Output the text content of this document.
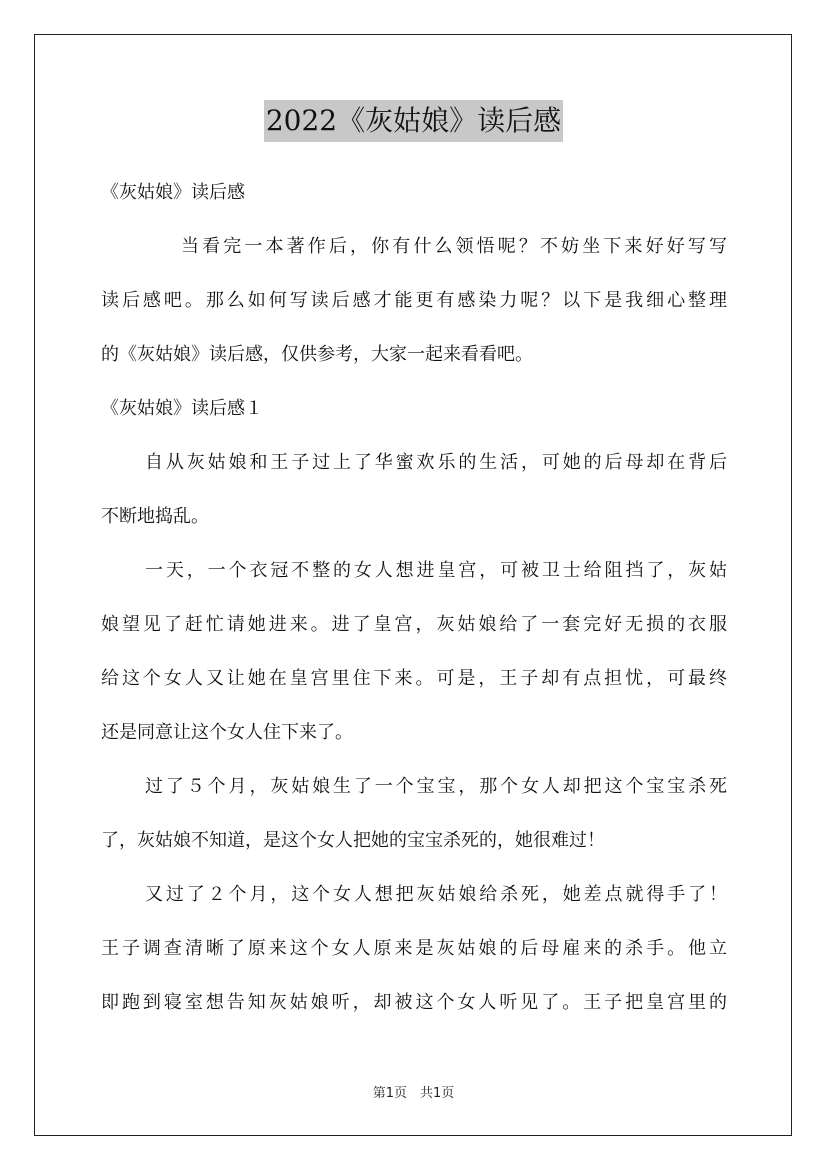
2022《灰姑娘》读后感
《灰姑娘》读后感
当看完一本著作后，你有什么领悟呢？不妨坐下来好好写写
读后感吧。那么如何写读后感才能更有感染力呢？以下是我细心整理
的《灰姑娘》读后感，仅供参考，大家一起来看看吧。
《灰姑娘》读后感１
自从灰姑娘和王子过上了华蜜欢乐的生活，可她的后母却在背后
不断地捣乱。
一天，一个衣冠不整的女人想进皇宫，可被卫士给阻挡了，灰姑
娘望见了赶忙请她进来。进了皇宫，灰姑娘给了一套完好无损的衣服
给这个女人又让她在皇宫里住下来。可是，王子却有点担忧，可最终
还是同意让这个女人住下来了。
过了５个月，灰姑娘生了一个宝宝，那个女人却把这个宝宝杀死
了，灰姑娘不知道，是这个女人把她的宝宝杀死的，她很难过！
又过了２个月，这个女人想把灰姑娘给杀死，她差点就得手了！
王子调查清晰了原来这个女人原来是灰姑娘的后母雇来的杀手。他立
即跑到寝室想告知灰姑娘听，却被这个女人听见了。王子把皇宫里的
第1页　共1页
